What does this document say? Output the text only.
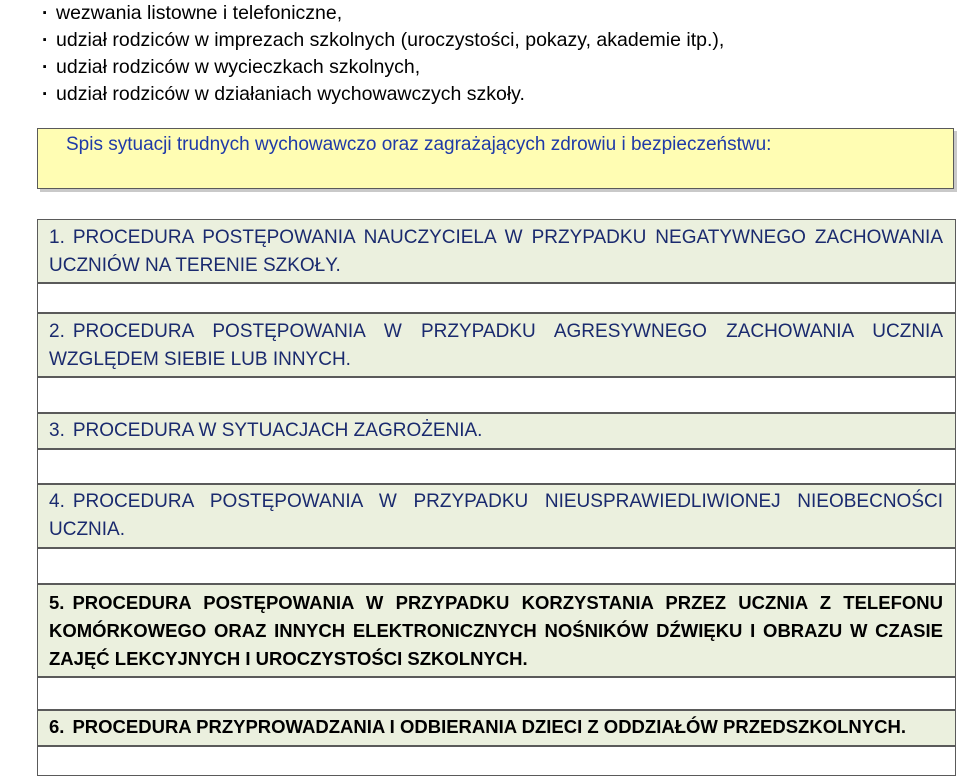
· wezwania listowne i telefoniczne,
· udział rodziców w imprezach szkolnych (uroczystości, pokazy, akademie itp.),
· udział rodziców w wycieczkach szkolnych,
· udział rodziców w działaniach wychowawczych szkoły.
Spis sytuacji trudnych wychowawczo oraz zagrażających zdrowiu i bezpieczeństwu:
1. PROCEDURA POSTĘPOWANIA NAUCZYCIELA W PRZYPADKU NEGATYWNEGO ZACHOWANIA UCZNIÓW NA TERENIE SZKOŁY.
2. PROCEDURA POSTĘPOWANIA W PRZYPADKU AGRESYWNEGO ZACHOWANIA UCZNIA WZGLĘDEM SIEBIE LUB INNYCH.
3. PROCEDURA W SYTUACJACH ZAGROŻENIA.
4. PROCEDURA POSTĘPOWANIA W PRZYPADKU NIEUSPRAWIEDLIWIONEJ NIEOBECNOŚCI UCZNIA.
5. PROCEDURA POSTĘPOWANIA W PRZYPADKU KORZYSTANIA PRZEZ UCZNIA Z TELEFONU KOMÓRKOWEGO ORAZ INNYCH ELEKTRONICZNYCH NOŚNIKÓW DŹWIĘKU I OBRAZU W CZASIE ZAJĘĆ LEKCYJNYCH I UROCZYSTOŚCI SZKOLNYCH.
6. PROCEDURA PRZYPROWADZANIA I ODBIERANIA DZIECI Z ODDZIAŁÓW PRZEDSZKOLNYCH.
